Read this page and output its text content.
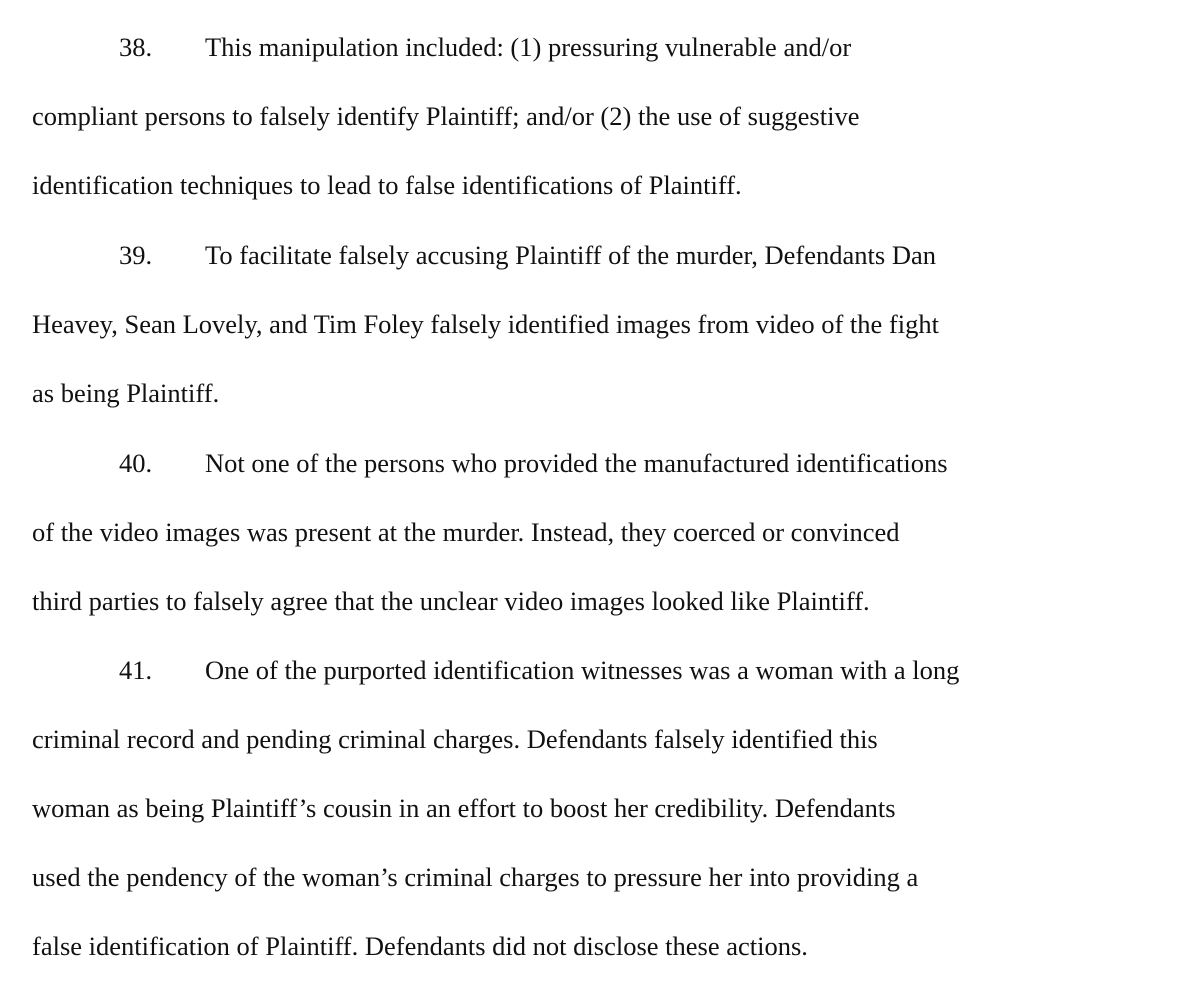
38. This manipulation included: (1) pressuring vulnerable and/or
compliant persons to falsely identify Plaintiff; and/or (2) the use of suggestive
identification techniques to lead to false identifications of Plaintiff.
39. To facilitate falsely accusing Plaintiff of the murder, Defendants Dan
Heavey, Sean Lovely, and Tim Foley falsely identified images from video of the fight
as being Plaintiff.
40. Not one of the persons who provided the manufactured identifications
of the video images was present at the murder. Instead, they coerced or convinced
third parties to falsely agree that the unclear video images looked like Plaintiff.
41. One of the purported identification witnesses was a woman with a long
criminal record and pending criminal charges. Defendants falsely identified this
woman as being Plaintiff’s cousin in an effort to boost her credibility. Defendants
used the pendency of the woman’s criminal charges to pressure her into providing a
false identification of Plaintiff. Defendants did not disclose these actions.
